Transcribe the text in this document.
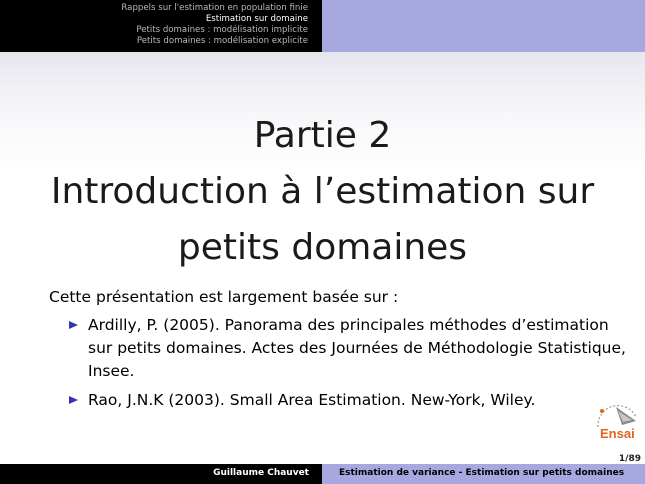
Rappels sur l'estimation en population finie
Estimation sur domaine
Petits domaines : modélisation implicite
Petits domaines : modélisation explicite
Partie 2
Introduction à l’estimation sur
petits domaines
Cette présentation est largement basée sur :
Ardilly, P. (2005). Panorama des principales méthodes d’estimation sur petits domaines. Actes des Journées de Méthodologie Statistique, Insee.
Rao, J.N.K (2003). Small Area Estimation. New-York, Wiley.
Ensai
1/89
Guillaume Chauvet	Estimation de variance - Estimation sur petits domaines
